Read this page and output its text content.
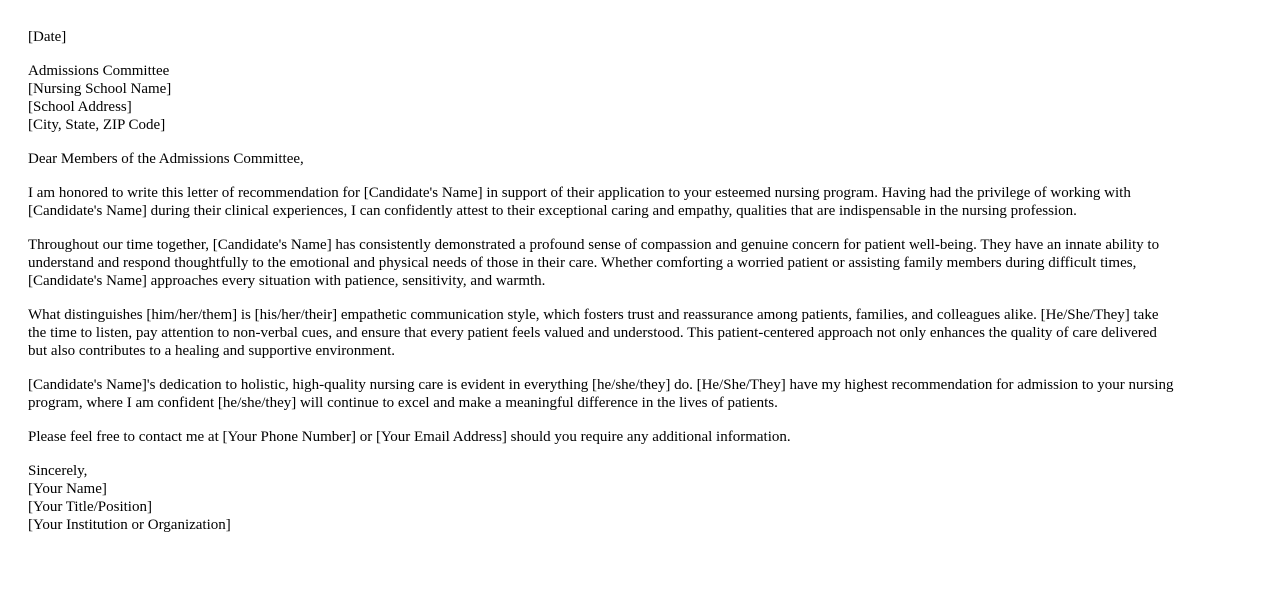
[Date]
Admissions Committee
[Nursing School Name]
[School Address]
[City, State, ZIP Code]
Dear Members of the Admissions Committee,
I am honored to write this letter of recommendation for [Candidate's Name] in support of their application to your esteemed nursing program. Having had the privilege of working with
[Candidate's Name] during their clinical experiences, I can confidently attest to their exceptional caring and empathy, qualities that are indispensable in the nursing profession.
Throughout our time together, [Candidate's Name] has consistently demonstrated a profound sense of compassion and genuine concern for patient well-being. They have an innate ability to
understand and respond thoughtfully to the emotional and physical needs of those in their care. Whether comforting a worried patient or assisting family members during difficult times,
[Candidate's Name] approaches every situation with patience, sensitivity, and warmth.
What distinguishes [him/her/them] is [his/her/their] empathetic communication style, which fosters trust and reassurance among patients, families, and colleagues alike. [He/She/They] take
the time to listen, pay attention to non-verbal cues, and ensure that every patient feels valued and understood. This patient-centered approach not only enhances the quality of care delivered
but also contributes to a healing and supportive environment.
[Candidate's Name]'s dedication to holistic, high-quality nursing care is evident in everything [he/she/they] do. [He/She/They] have my highest recommendation for admission to your nursing
program, where I am confident [he/she/they] will continue to excel and make a meaningful difference in the lives of patients.
Please feel free to contact me at [Your Phone Number] or [Your Email Address] should you require any additional information.
Sincerely,
[Your Name]
[Your Title/Position]
[Your Institution or Organization]
